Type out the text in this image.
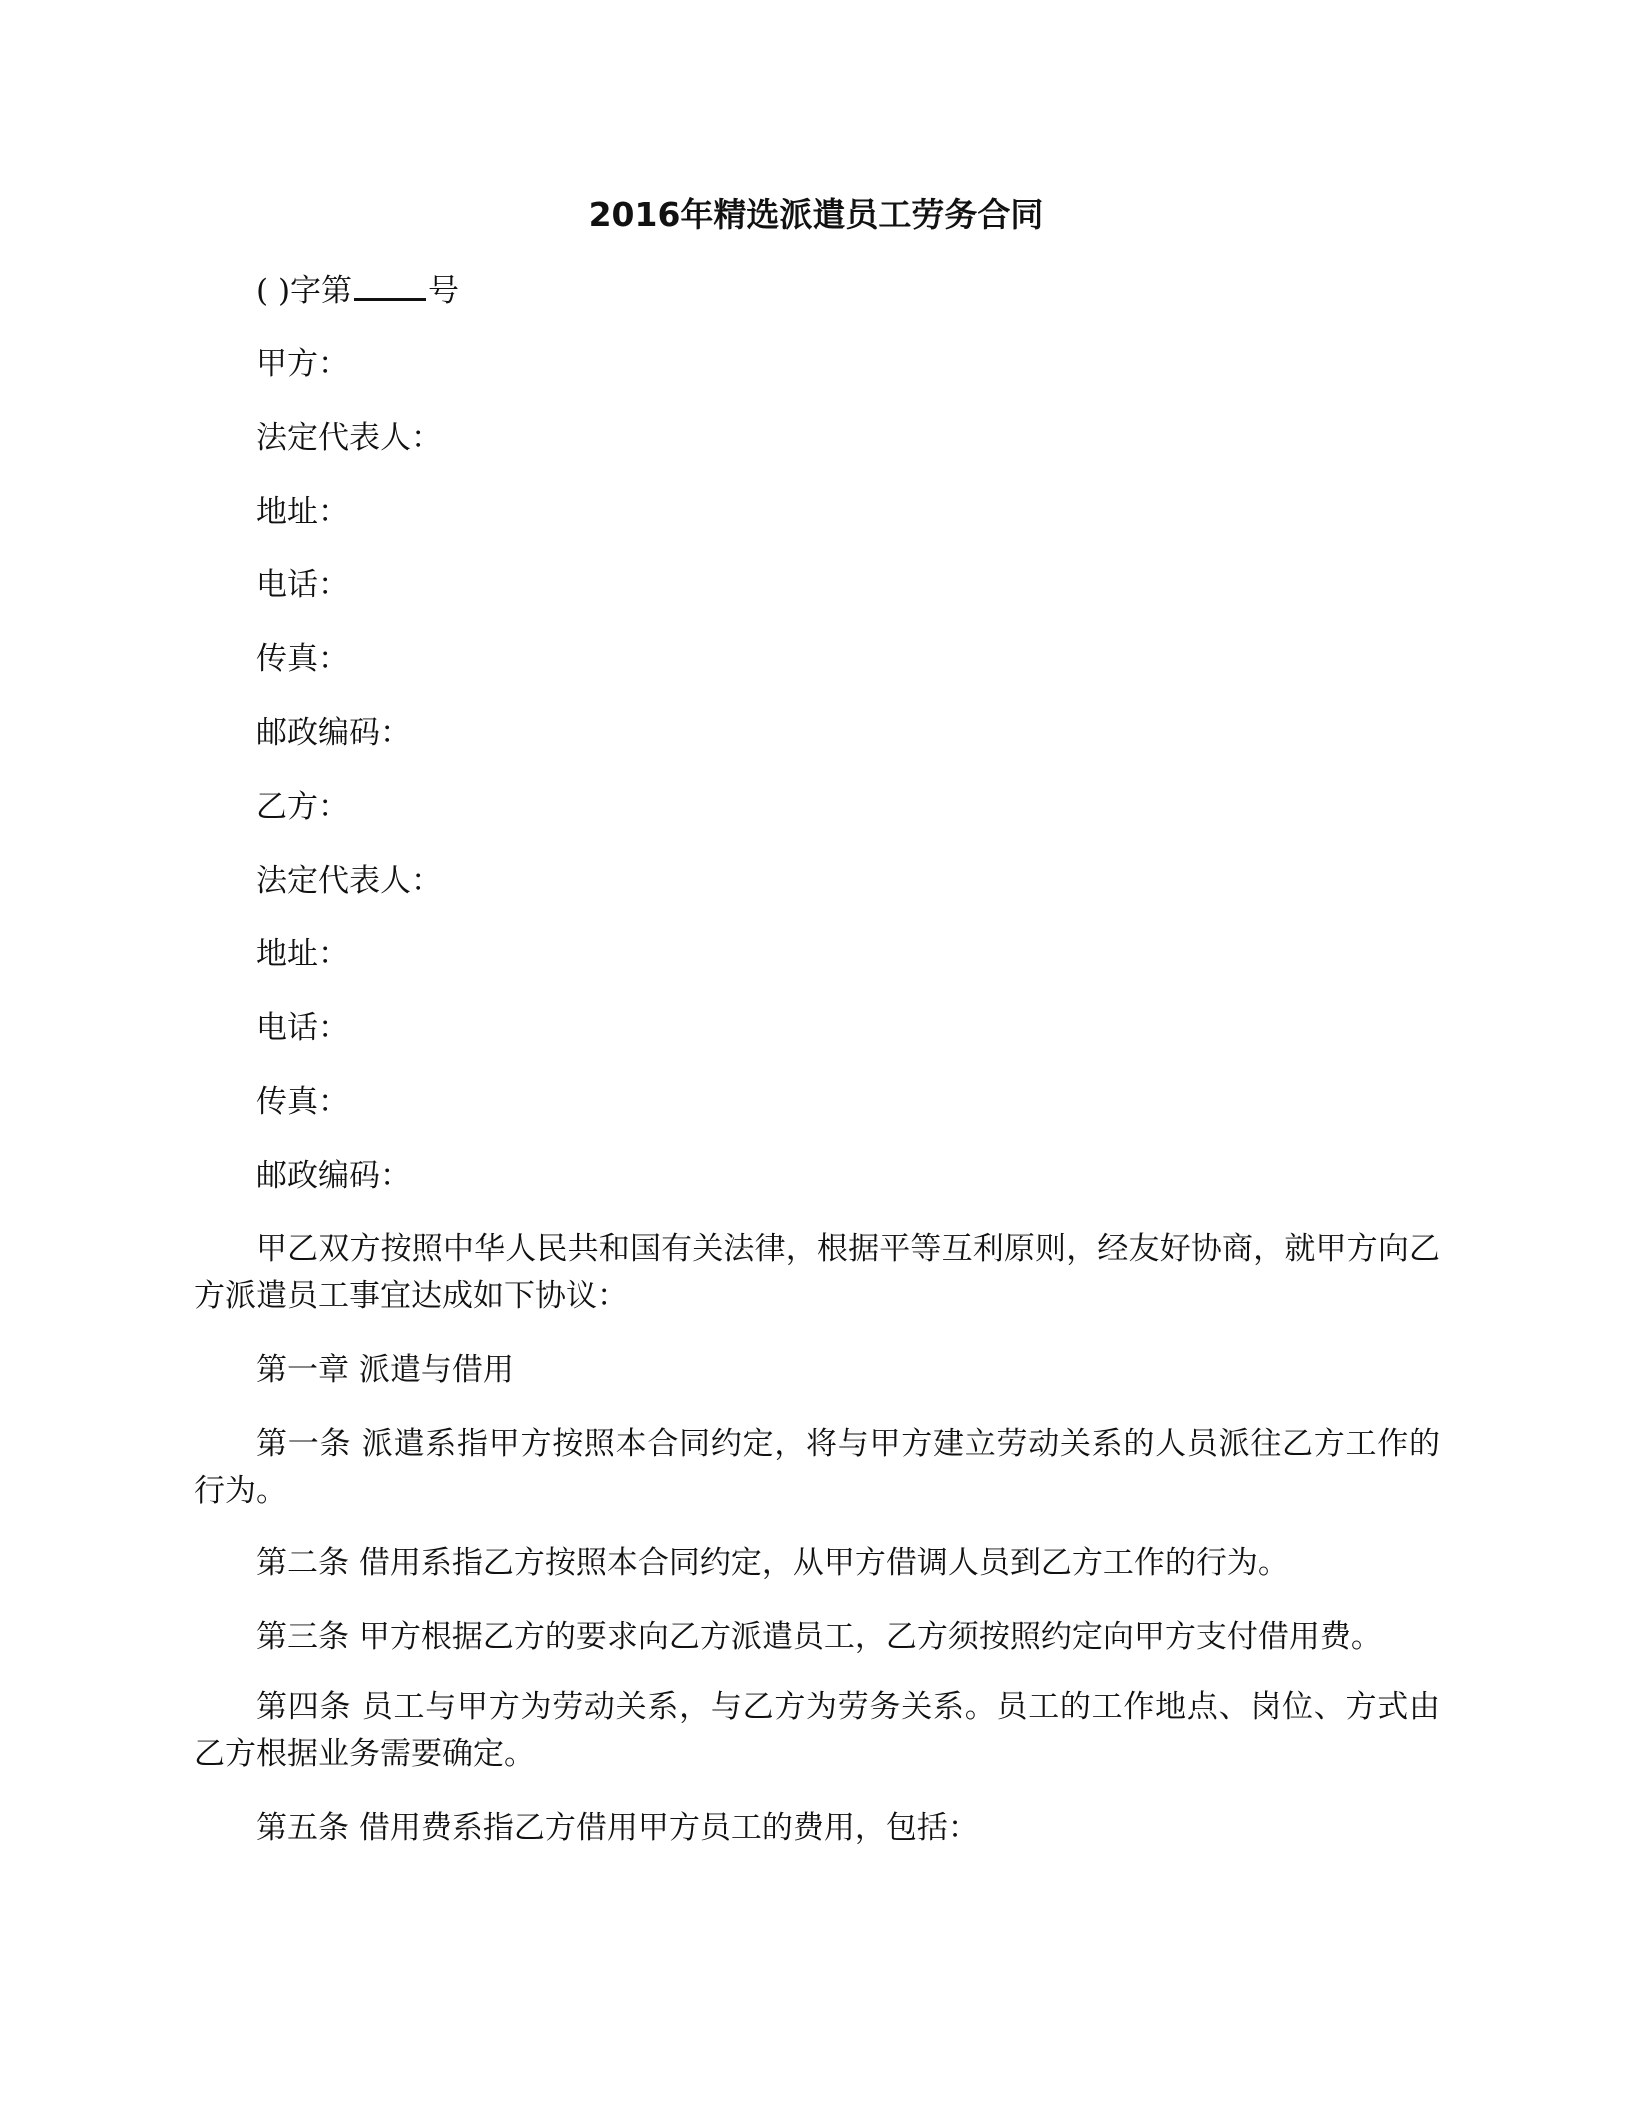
2016年精选派遣员工劳务合同

( )字第 号

甲方：

法定代表人：

地址：

电话：

传真：

邮政编码：

乙方：

法定代表人：

地址：

电话：

传真：

邮政编码：

甲乙双方按照中华人民共和国有关法律，根据平等互利原则，经友好协商，就甲方向乙方派遣员工事宜达成如下协议：

第一章 派遣与借用

第一条 派遣系指甲方按照本合同约定，将与甲方建立劳动关系的人员派往乙方工作的行为。

第二条 借用系指乙方按照本合同约定，从甲方借调人员到乙方工作的行为。

第三条 甲方根据乙方的要求向乙方派遣员工，乙方须按照约定向甲方支付借用费。

第四条 员工与甲方为劳动关系，与乙方为劳务关系。员工的工作地点、岗位、方式由乙方根据业务需要确定。

第五条 借用费系指乙方借用甲方员工的费用，包括：
